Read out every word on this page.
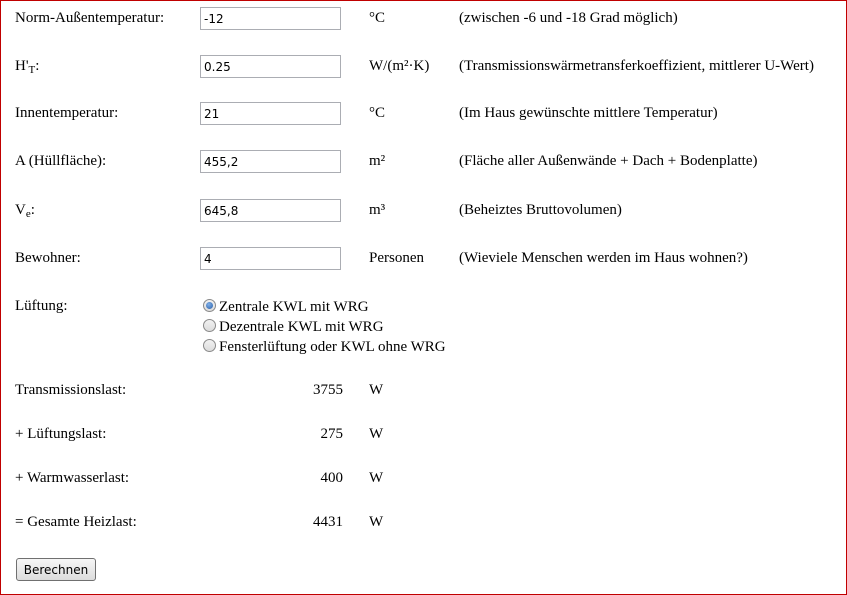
Norm-Außentemperatur:
-12	°C	(zwischen -6 und -18 Grad möglich)
$H'_T$:
0.25	W/(m²·K) (Transmissionswärmetransferkoeffizient, mittlerer U-Wert)
Innentemperatur:
21	°C	(Im Haus gewünschte mittlere Temperatur)
A (Hüllfläche):
455,2	m²	(Fläche aller Außenwände + Dach + Bodenplatte)
$V_e$:
645,8	m³	(Beheiztes Bruttovolumen)
Bewohner:
4	Personen (Wieviele Menschen werden im Haus wohnen?)
Lüftung:	Zentrale KWL mit WRG
Dezentrale KWL mit WRG
Fensterlüftung oder KWL ohne WRG
Transmissionslast:	3755 W
+ Lüftungslast:	275 W
+ Warmwasserlast:	400 W
= Gesamte Heizlast:	4431 W
Berechnen
